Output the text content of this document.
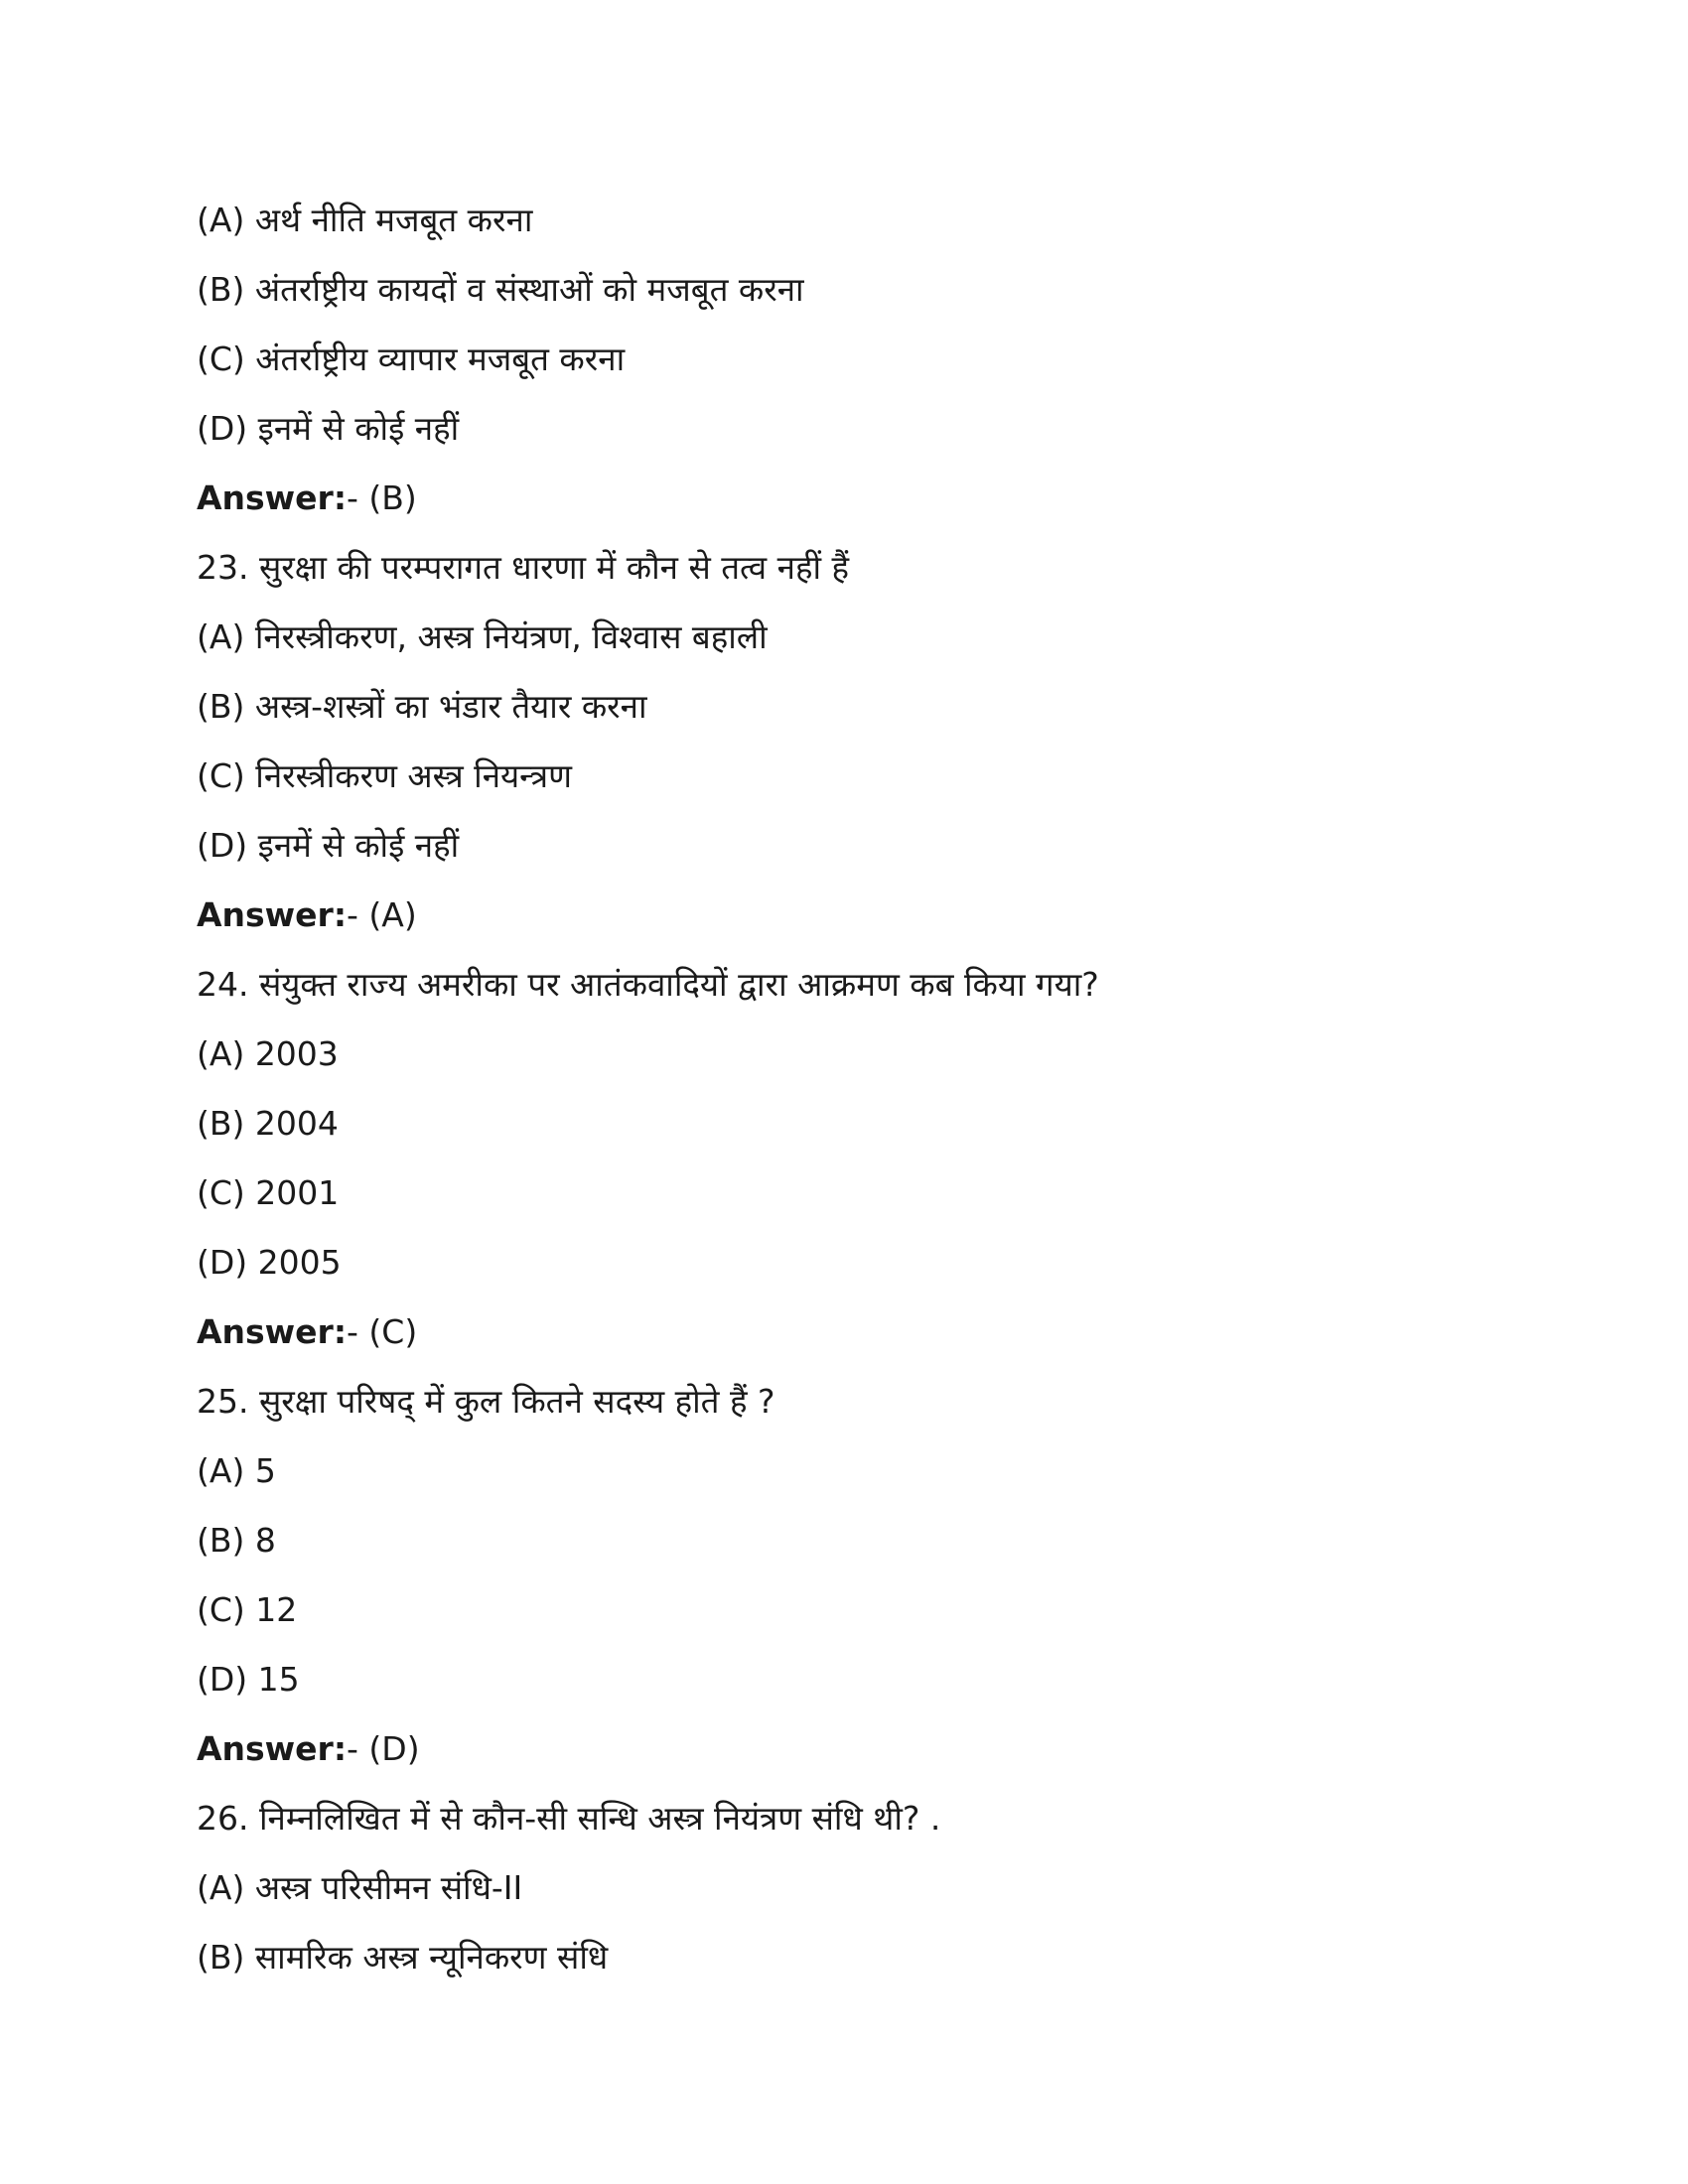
(A) अर्थ नीति मजबूत करना
(B) अंतर्राष्ट्रीय कायदों व संस्थाओं को मजबूत करना
(C) अंतर्राष्ट्रीय व्यापार मजबूत करना
(D) इनमें से कोई नहीं
Answer:- (B)
23. सुरक्षा की परम्परागत धारणा में कौन से तत्व नहीं हैं
(A) निरस्त्रीकरण, अस्त्र नियंत्रण, विश्वास बहाली
(B) अस्त्र-शस्त्रों का भंडार तैयार करना
(C) निरस्त्रीकरण अस्त्र नियन्त्रण
(D) इनमें से कोई नहीं
Answer:- (A)
24. संयुक्त राज्य अमरीका पर आतंकवादियों द्वारा आक्रमण कब किया गया?
(A) 2003
(B) 2004
(C) 2001
(D) 2005
Answer:- (C)
25. सुरक्षा परिषद् में कुल कितने सदस्य होते हैं ?
(A) 5
(B) 8
(C) 12
(D) 15
Answer:- (D)
26. निम्नलिखित में से कौन-सी सन्धि अस्त्र नियंत्रण संधि थी? .
(A) अस्त्र परिसीमन संधि-II
(B) सामरिक अस्त्र न्यूनिकरण संधि
